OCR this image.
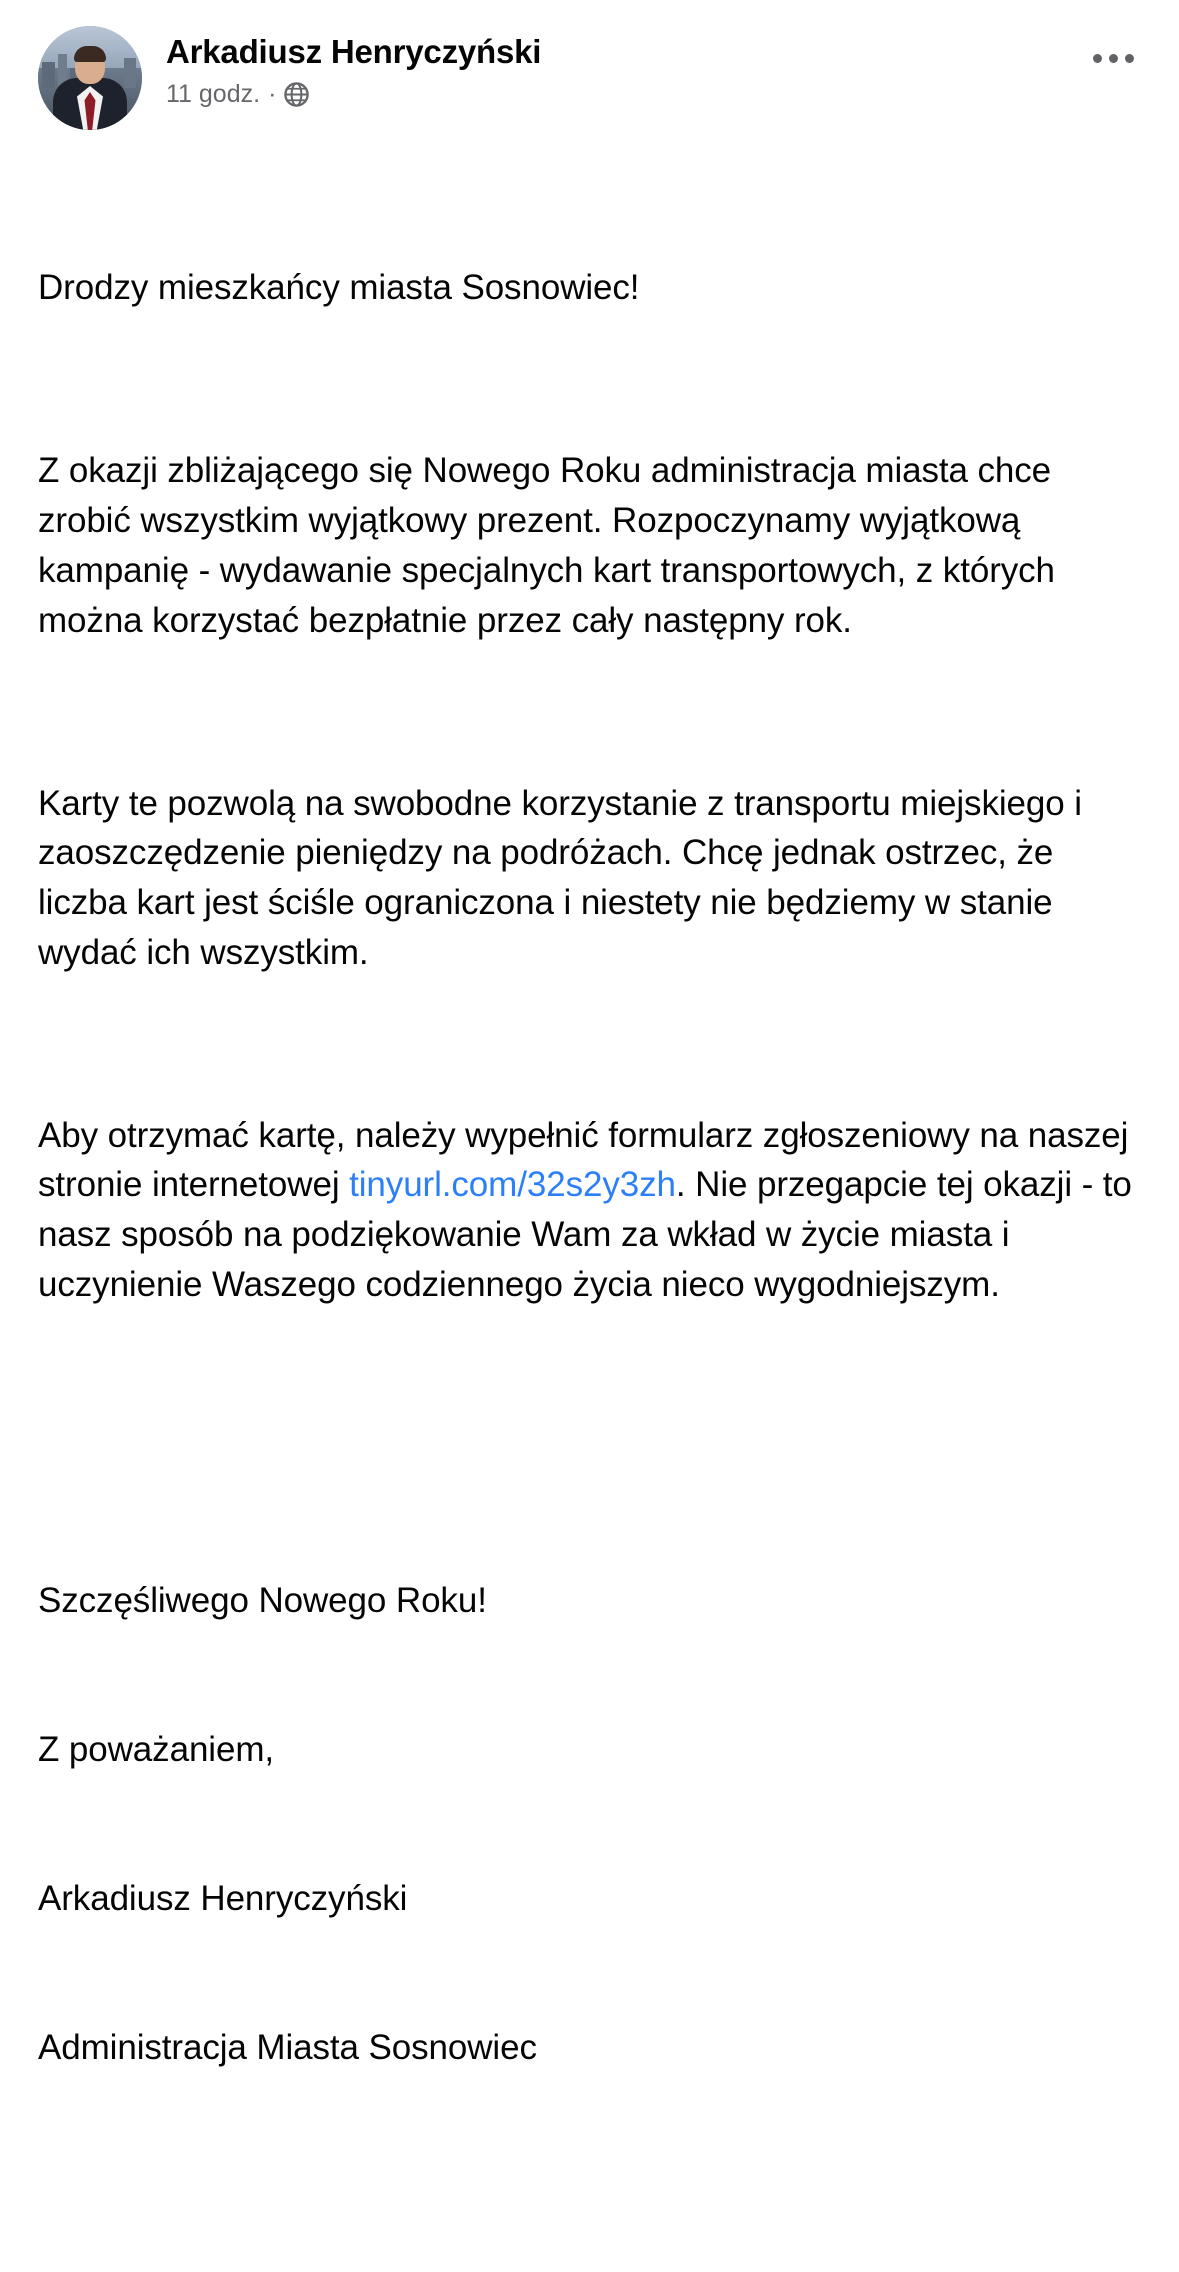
Arkadiusz Henryczyński
11 godz. ·

Drodzy mieszkańcy miasta Sosnowiec!

Z okazji zbliżającego się Nowego Roku administracja miasta chce zrobić wszystkim wyjątkowy prezent. Rozpoczynamy wyjątkową kampanię - wydawanie specjalnych kart transportowych, z których można korzystać bezpłatnie przez cały następny rok.

Karty te pozwolą na swobodne korzystanie z transportu miejskiego i zaoszczędzenie pieniędzy na podróżach. Chcę jednak ostrzec, że liczba kart jest ściśle ograniczona i niestety nie będziemy w stanie wydać ich wszystkim.

Aby otrzymać kartę, należy wypełnić formularz zgłoszeniowy na naszej stronie internetowej tinyurl.com/32s2y3zh. Nie przegapcie tej okazji - to nasz sposób na podziękowanie Wam za wkład w życie miasta i uczynienie Waszego codziennego życia nieco wygodniejszym.

Szczęśliwego Nowego Roku!

Z poważaniem,

Arkadiusz Henryczyński

Administracja Miasta Sosnowiec
